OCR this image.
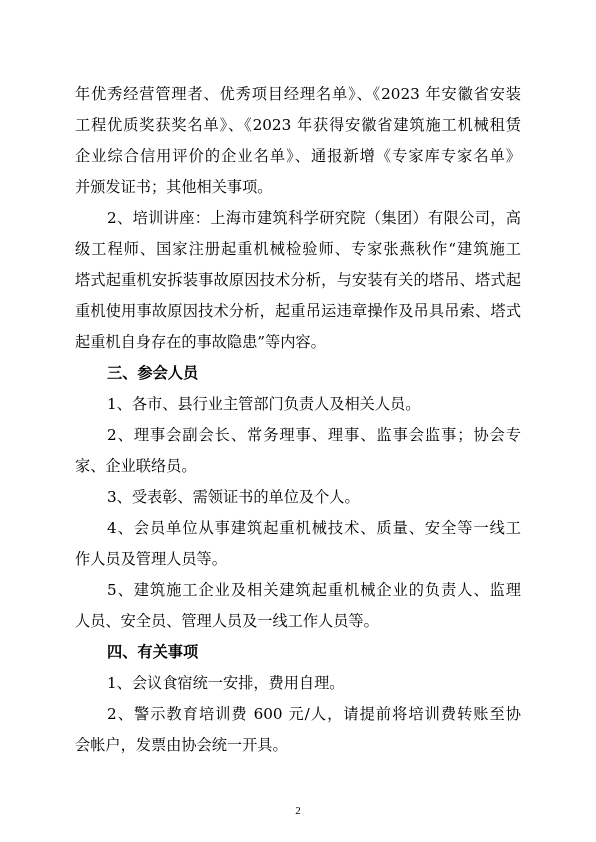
年优秀经营管理者、优秀项目经理名单》、《2023 年安徽省安装
工程优质奖获奖名单》、《2023 年获得安徽省建筑施工机械租赁
企业综合信用评价的企业名单》、通报新增《专家库专家名单》
并颁发证书；其他相关事项。
2、培训讲座：上海市建筑科学研究院（集团）有限公司，高
级工程师、国家注册起重机械检验师、专家张燕秋作“建筑施工
塔式起重机安拆装事故原因技术分析，与安装有关的塔吊、塔式起
重机使用事故原因技术分析，起重吊运违章操作及吊具吊索、塔式
起重机自身存在的事故隐患”等内容。
三、参会人员
1、各市、县行业主管部门负责人及相关人员。
2、理事会副会长、常务理事、理事、监事会监事；协会专
家、企业联络员。
3、受表彰、需领证书的单位及个人。
4、会员单位从事建筑起重机械技术、质量、安全等一线工
作人员及管理人员等。
5、建筑施工企业及相关建筑起重机械企业的负责人、监理
人员、安全员、管理人员及一线工作人员等。
四、有关事项
1、会议食宿统一安排，费用自理。
2、警示教育培训费 600 元/人，请提前将培训费转账至协
会帐户，发票由协会统一开具。
2
